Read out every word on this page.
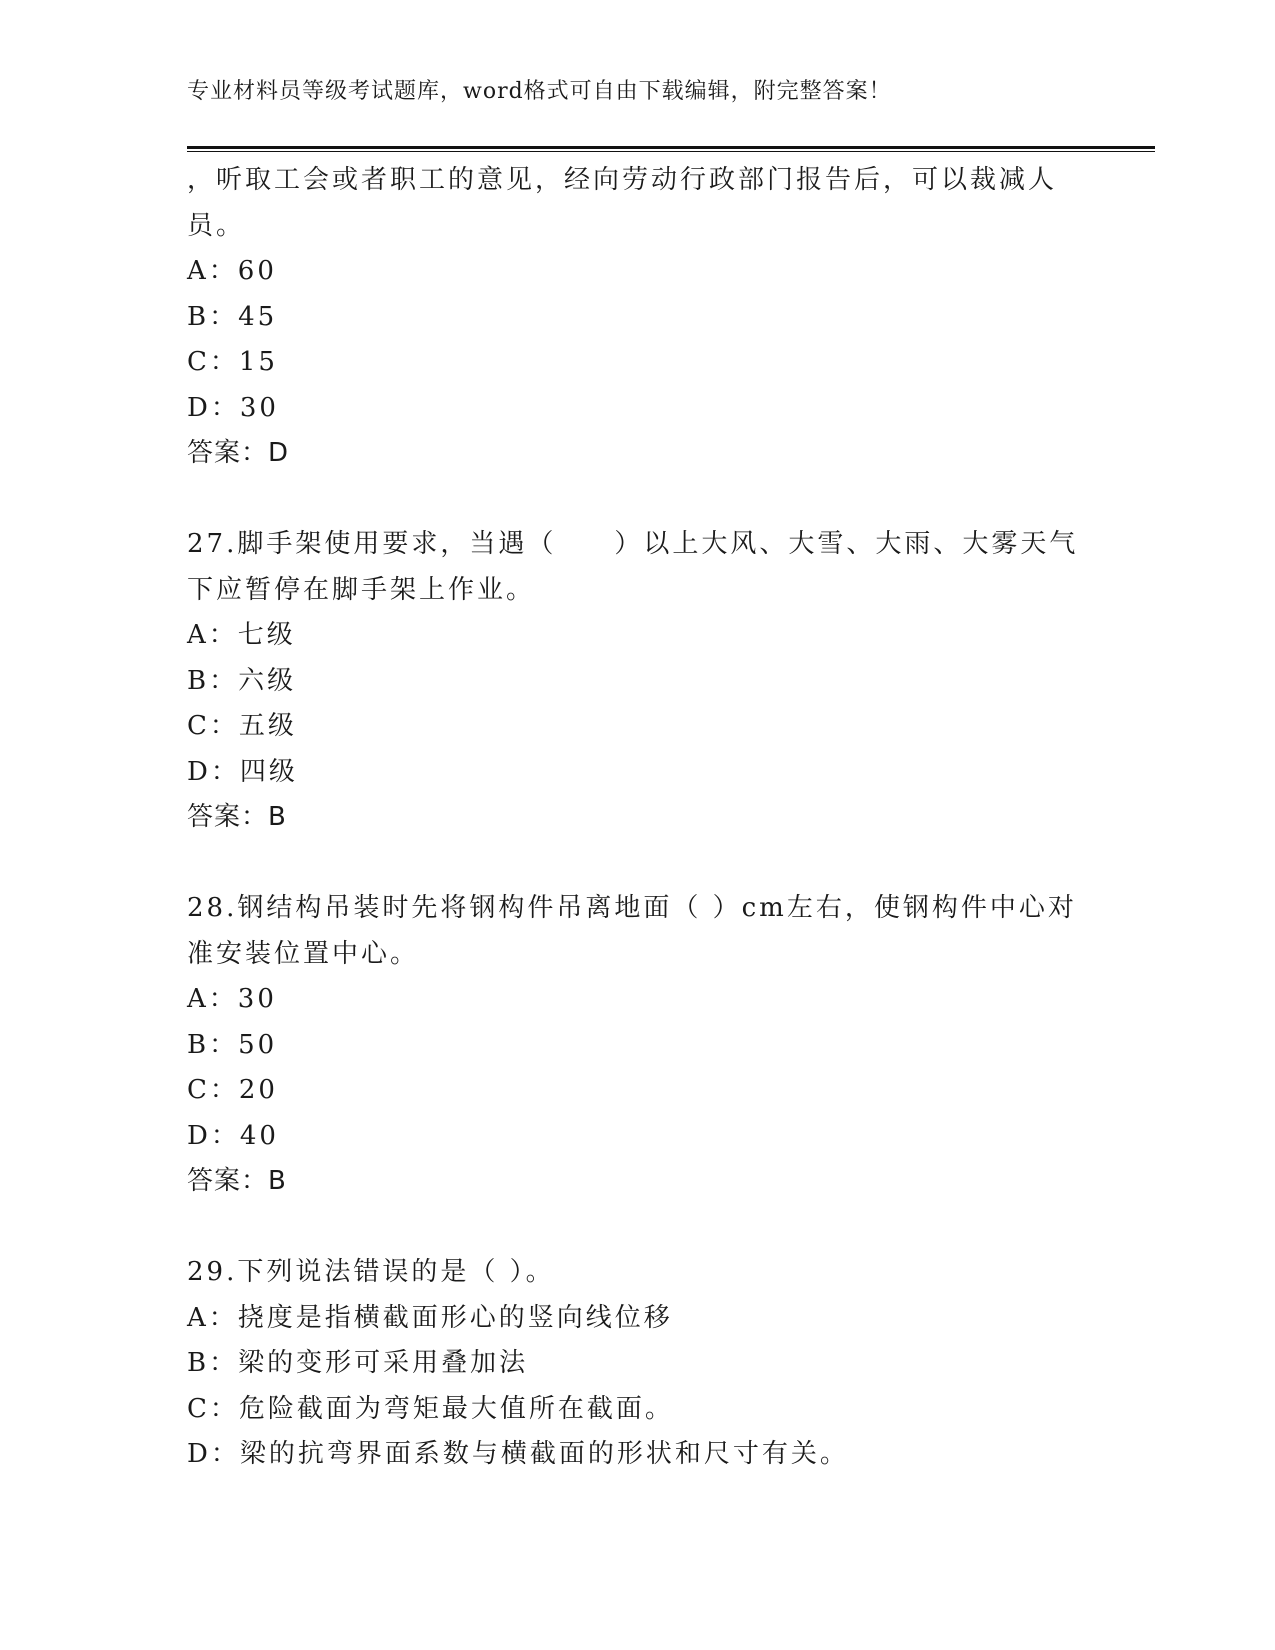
专业材料员等级考试题库，word格式可自由下载编辑，附完整答案！
，听取工会或者职工的意见，经向劳动行政部门报告后，可以裁减人
员。
A：60
B：45
C：15
D：30
答案：D
27.脚手架使用要求，当遇（　　）以上大风、大雪、大雨、大雾天气
下应暂停在脚手架上作业。
A：七级
B：六级
C：五级
D：四级
答案：B
28.钢结构吊装时先将钢构件吊离地面（ ）cm左右，使钢构件中心对
准安装位置中心。
A：30
B：50
C：20
D：40
答案：B
29.下列说法错误的是（ ）。
A：挠度是指横截面形心的竖向线位移
B：梁的变形可采用叠加法
C：危险截面为弯矩最大值所在截面。
D：梁的抗弯界面系数与横截面的形状和尺寸有关。
